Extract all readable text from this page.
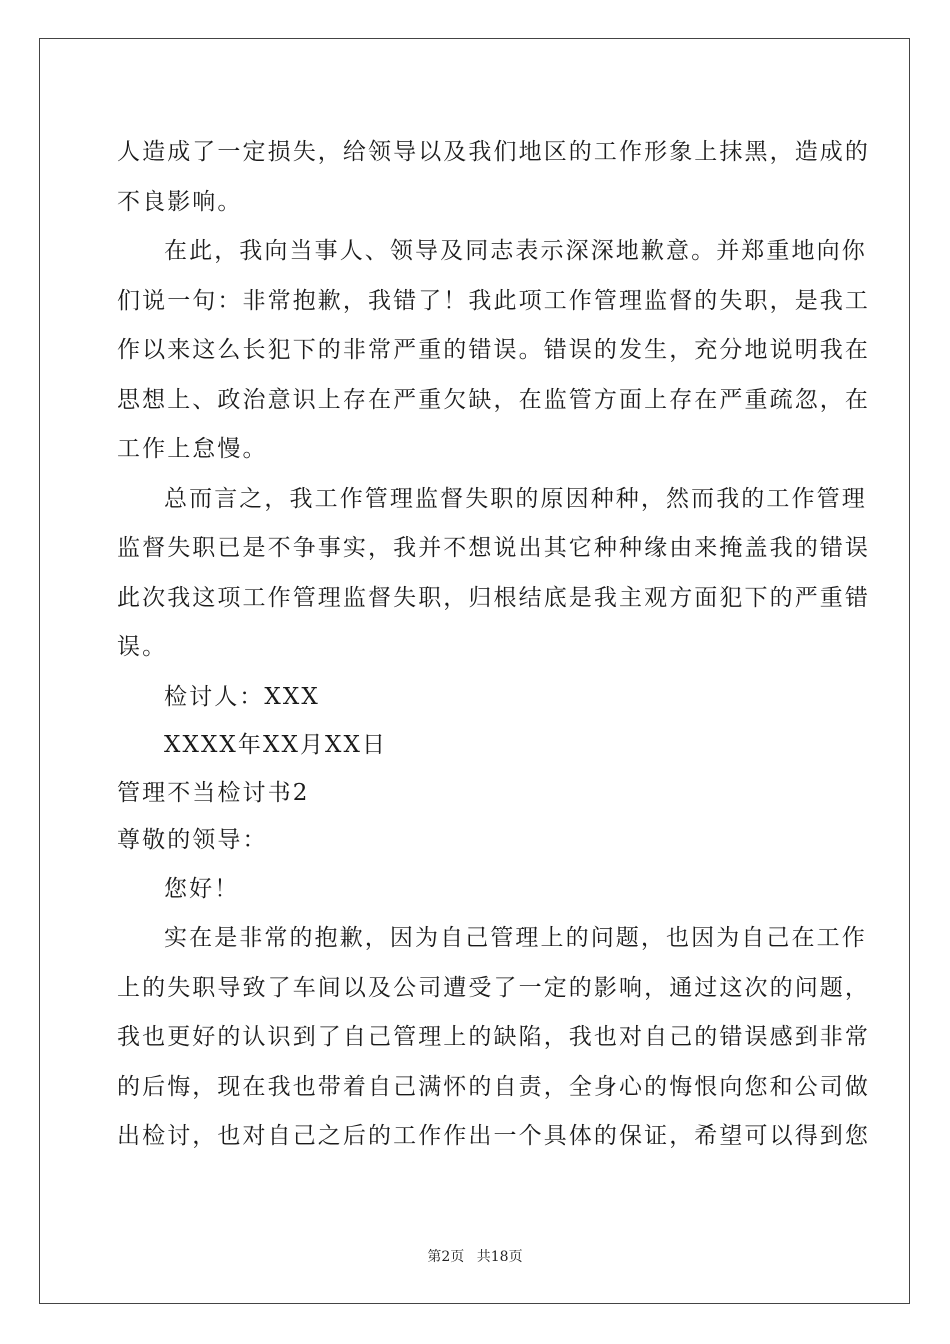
人造成了一定损失，给领导以及我们地区的工作形象上抹黑，造成的
不良影响。
在此，我向当事人、领导及同志表示深深地歉意。并郑重地向你
们说一句：非常抱歉，我错了！我此项工作管理监督的失职，是我工
作以来这么长犯下的非常严重的错误。错误的发生，充分地说明我在
思想上、政治意识上存在严重欠缺，在监管方面上存在严重疏忽，在
工作上怠慢。
总而言之，我工作管理监督失职的原因种种，然而我的工作管理
监督失职已是不争事实，我并不想说出其它种种缘由来掩盖我的错误
此次我这项工作管理监督失职，归根结底是我主观方面犯下的严重错
误。
检讨人：XXX
XXXX年XX月XX日
管理不当检讨书2
尊敬的领导：
您好！
实在是非常的抱歉，因为自己管理上的问题，也因为自己在工作
上的失职导致了车间以及公司遭受了一定的影响，通过这次的问题，
我也更好的认识到了自己管理上的缺陷，我也对自己的错误感到非常
的后悔，现在我也带着自己满怀的自责，全身心的悔恨向您和公司做
出检讨，也对自己之后的工作作出一个具体的保证，希望可以得到您
第2页 共18页
